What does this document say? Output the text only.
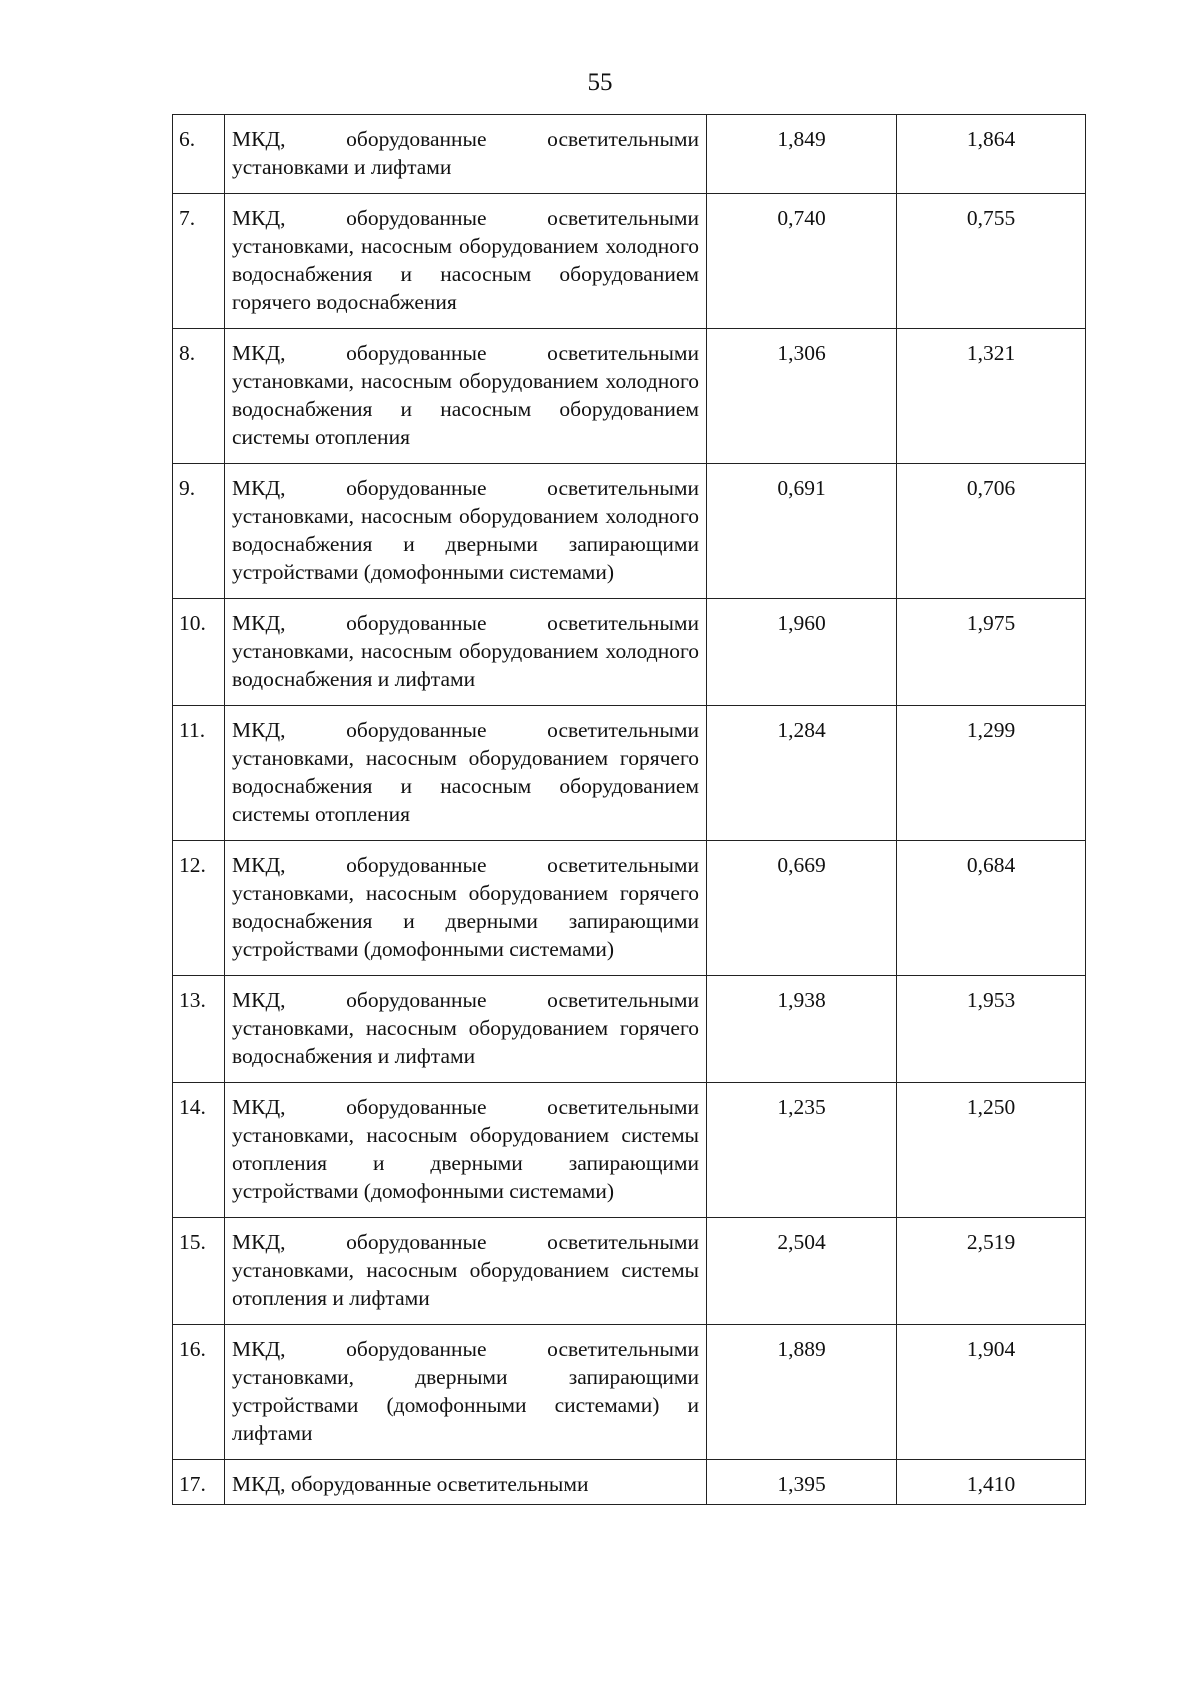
55
6.	МКД, оборудованные осветительными установками и лифтами	1,849	1,864
7.	МКД, оборудованные осветительными установками, насосным оборудованием холодного водоснабжения и насосным оборудованием горячего водоснабжения	0,740	0,755
8.	МКД, оборудованные осветительными установками, насосным оборудованием холодного водоснабжения и насосным оборудованием системы отопления	1,306	1,321
9.	МКД, оборудованные осветительными установками, насосным оборудованием холодного водоснабжения и дверными запирающими устройствами (домофонными системами)	0,691	0,706
10.	МКД, оборудованные осветительными установками, насосным оборудованием холодного водоснабжения и лифтами	1,960	1,975
11.	МКД, оборудованные осветительными установками, насосным оборудованием горячего водоснабжения и насосным оборудованием системы отопления	1,284	1,299
12.	МКД, оборудованные осветительными установками, насосным оборудованием горячего водоснабжения и дверными запирающими устройствами (домофонными системами)	0,669	0,684
13.	МКД, оборудованные осветительными установками, насосным оборудованием горячего водоснабжения и лифтами	1,938	1,953
14.	МКД, оборудованные осветительными установками, насосным оборудованием системы отопления и дверными запирающими устройствами (домофонными системами)	1,235	1,250
15.	МКД, оборудованные осветительными установками, насосным оборудованием системы отопления и лифтами	2,504	2,519
16.	МКД, оборудованные осветительными установками, дверными запирающими устройствами (домофонными системами) и лифтами	1,889	1,904
17.	МКД, оборудованные осветительными	1,395	1,410
